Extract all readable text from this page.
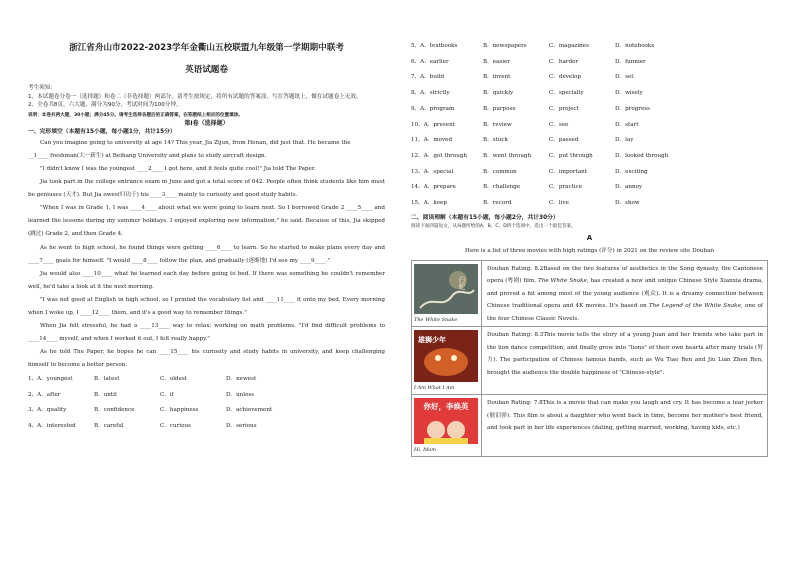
浙江省舟山市2022-2023学年金衢山五校联盟九年级第一学期期中联考
英语试题卷
考生须知：
1、本试题卷分卷一（选择题）和卷二（非选择题）两部分。请考生按规定，将所有试题的答案涂、写在答题纸上，做在试题卷上无效。
2、全卷共8页，六大题，满分为90分，考试时间为100分钟。
说明：本卷共两大题，30小题；满分45分。请考生选择各题后的正确答案，在答题纸上相应的位置填涂。
第Ⅰ卷（选择题）
一、完形填空（本题有15小题，每小题1分，共计15分）
Can you imagine going to university at age 14? This year, Jia Zijun, from Henan, did just that. He became the
__1____ freshman(大一新生) at Beihang University and plans to study aircraft design.
"I didn't know I was the youngest ____2____ I got here, and it feels quite cool!" Jia told The Paper.
Jia took part in the college entrance exam in June and got a total score of 642. People often think students like him must be geniuses (天才). But Jia owes(归功于) his ____3____ mainly to curiosity and good study habits.
"When I was in Grade 1, I was ____4____ about what we were going to learn next. So I borrowed Grade 2 ____5____ and learned the lessons during my summer holidays. I enjoyed exploring new information," he said. Because of this, Jia skipped (跳过) Grade 2, and then Grade 4.
As he went to high school, he found things were getting ____6____ to learn. So he started to make plans every day and ____7____ goals for himself. "I would ____8____ follow the plan, and gradually (逐渐地) I'd see my ____9____."
Jia would also ____10____ what he learned each day before going to bed. If there was something he couldn't remember well, he'd take a look at it the next morning.
"I was not good at English in high school, so I printed the vocabulary list and ____11____ it onto my bed. Every morning when I woke up, I ____12____ them, and it's a good way to remember things."
When Jia felt stressful, he had a ____13____ way to relax: working on math problems. "I'd find difficult problems to ____14____ myself, and when I worked it out, I felt really happy."
As he told The Paper, he hopes he can ____15____ his curiosity and study habits in university, and keep challenging himself to become a better person.
1、A．youngest	B．latest	C．oldest	D．newest
2、A．after	B．until	C．if	D．unless
3、A．quality	B．confidence	C．happiness	D．achievement
4、A．interested	B．careful	C．curious	D．serious
5、A．textbooks	B．newspapers	C．magazines	D．notebooks
6、A．earlier	B．easier	C．harder	D．funnier
7、A．build	B．invent	C．develop	D．set
8、A．strictly	B．quickly	C．specially	D．wisely
9、A．program	B．purpose	C．project	D．progress
10、A．present	B．review	C．see	D．start
11、A．moved	B．stuck	C．passed	D．lay
12、A．got through	B．went through	C．put through	D．looked through
13、A．special	B．common	C．important	D．exciting
14、A．prepare	B．challenge	C．practice	D．annoy
15、A．keep	B．record	C．live	D．show
二、阅读理解（本题有15小题，每小题2分，共计30分）
阅读下面四篇短文，从每题所给的A、B、C、D四个选项中，选出一个最佳答案。
A
Here is a list of three movies with high ratings (评分) in 2021 on the review site Douban
白蛇
The White Snake
Douban Rating: 8.2Based on the two features of aesthetics in the Song dynasty, the Cantonese opera (粤剧) film, The White Snake, has created a new and unique Chinese Style Xianxia drama, and proved a hit among most of the young audience (观众). It is a dreamy connection between Chinese traditional opera and 4K movies. It's based on The Legend of the White Snake, one of the four Chinese Classic Novels.
雄狮少年
I Am What I Am
Douban Rating: 8.3This movie tells the story of a young Juan and her friends who take part in the lion dance competition, and finally grow into "lions" of their own hearts after many trials (努力). The participation of Chinese famous bands, such as Wu Tiao Ren and Jiu Lian Zhen Ren, brought the audience the double happiness of "Chinese-style".
你好，李焕英
Hi, Mom
Douban Rating: 7.8This is a movie that can make you laugh and cry. It has become a tear jerker (催泪弹). This film is about a daughter who went back in time, become her mother's best friend, and took part in her life experiences (dating, getting married, working, having kids, etc.)
